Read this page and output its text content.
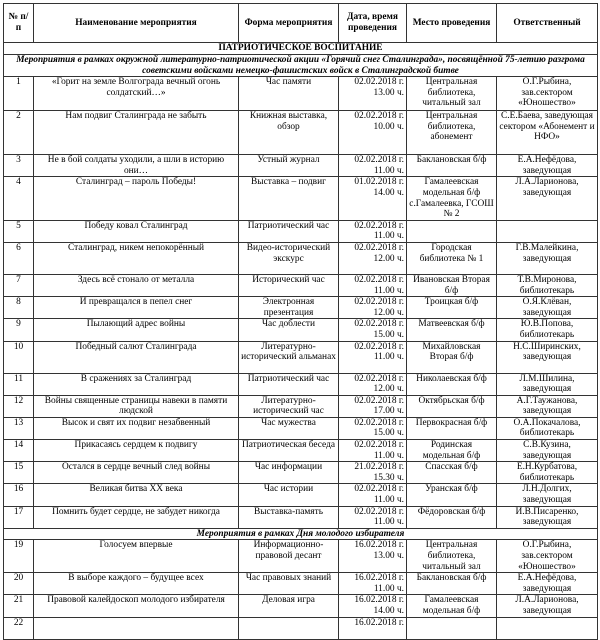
№ п/п	Наименование мероприятия	Форма мероприятия	Дата, время проведения	Место проведения	Ответственный
ПАТРИОТИЧЕСКОЕ ВОСПИТАНИЕ					
Мероприятия в рамках окружной литературно-патриотической акции «Горячий снег Сталинграда», посвящённой 75-летию разгрома советскими войсками немецко-фашистских войск в Сталинградской битве					
1	«Горит на земле Волгограда вечный огонь солдатский…»	Час памяти	02.02.2018 г. 13.00 ч.	Центральная библиотека, читальный зал	О.Г.Рыбина, зав.сектором «Юношество»
2	Нам подвиг Сталинграда не забыть	Книжная выставка, обзор	02.02.2018 г. 10.00 ч.	Центральная библиотека, абонемент	С.Е.Баева, заведующая сектором «Абонемент и НФО»
3	Не в бой солдаты уходили, а шли в историю они…	Устный журнал	02.02.2018 г. 11.00 ч.	Баклановская б/ф	Е.А.Нефёдова, заведующая
4	Сталинград – пароль Победы!	Выставка – подвиг	01.02.2018 г. 14.00 ч.	Гамалеевская модельная б/ф с.Гамалеевка, ГСОШ № 2	Л.А.Ларионова, заведующая
5	Победу ковал Сталинград	Патриотический час	02.02.2018 г. 11.00 ч.		
6	Сталинград, никем непокорённый	Видео-исторический экскурс	02.02.2018 г. 12.00 ч.	Городская библиотека № 1	Г.В.Малейкина, заведующая
7	Здесь всё стонало от металла	Исторический час	02.02.2018 г. 11.00 ч.	Ивановская Вторая б/ф	Т.В.Миронова, библиотекарь
8	И превращался в пепел снег	Электронная презентация	02.02.2018 г. 12.00 ч.	Троицкая б/ф	О.Я.Клёван, заведующая
9	Пылающий адрес войны	Час доблести	02.02.2018 г. 15.00 ч.	Матвеевская б/ф	Ю.В.Попова, библиотекарь
10	Победный салют Сталинграда	Литературно-исторический альманах	02.02.2018 г. 11.00 ч.	Михайловская Вторая б/ф	Н.С.Ширинских, заведующая
11	В сражениях за Сталинград	Патриотический час	02.02.2018 г. 12.00 ч.	Николаевская б/ф	Л.М.Шилина, заведующая
12	Войны священные страницы навеки в памяти людской	Литературно-исторический час	02.02.2018 г. 17.00 ч.	Октябрьская б/ф	А.Г.Таужанова, заведующая
13	Высок и свят их подвиг незабвенный	Час мужества	02.02.2018 г. 15.00 ч.	Первокрасная б/ф	О.А.Покачалова, библиотекарь
14	Прикасаясь сердцем к подвигу	Патриотическая беседа	02.02.2018 г. 11.00 ч.	Родинская модельная б/ф	С.В.Кузина, заведующая
15	Остался в сердце вечный след войны	Час информации	21.02.2018 г. 15.30 ч.	Спасская б/ф	Е.Н.Курбатова, библиотекарь
16	Великая битва XX века	Час истории	02.02.2018 г. 11.00 ч.	Уранская б/ф	Л.Н.Долгих, заведующая
17	Помнить будет сердце, не забудет никогда	Выставка-память	02.02.2018 г. 11.00 ч.	Фёдоровская б/ф	И.В.Писаренко, заведующая
Мероприятия в рамках Дня молодого избирателя					
19	Голосуем впервые	Информационно-правовой десант	16.02.2018 г. 13.00 ч.	Центральная библиотека, читальный зал	О.Г.Рыбина, зав.сектором «Юношество»
20	В выборе каждого – будущее всех	Час правовых знаний	16.02.2018 г. 11.00 ч.	Баклановская б/ф	Е.А.Нефёдова, заведующая
21	Правовой калейдоскоп молодого избирателя	Деловая игра	16.02.2018 г. 14.00 ч.	Гамалеевская модельная б/ф	Л.А.Ларионова, заведующая
22			16.02.2018 г.		
